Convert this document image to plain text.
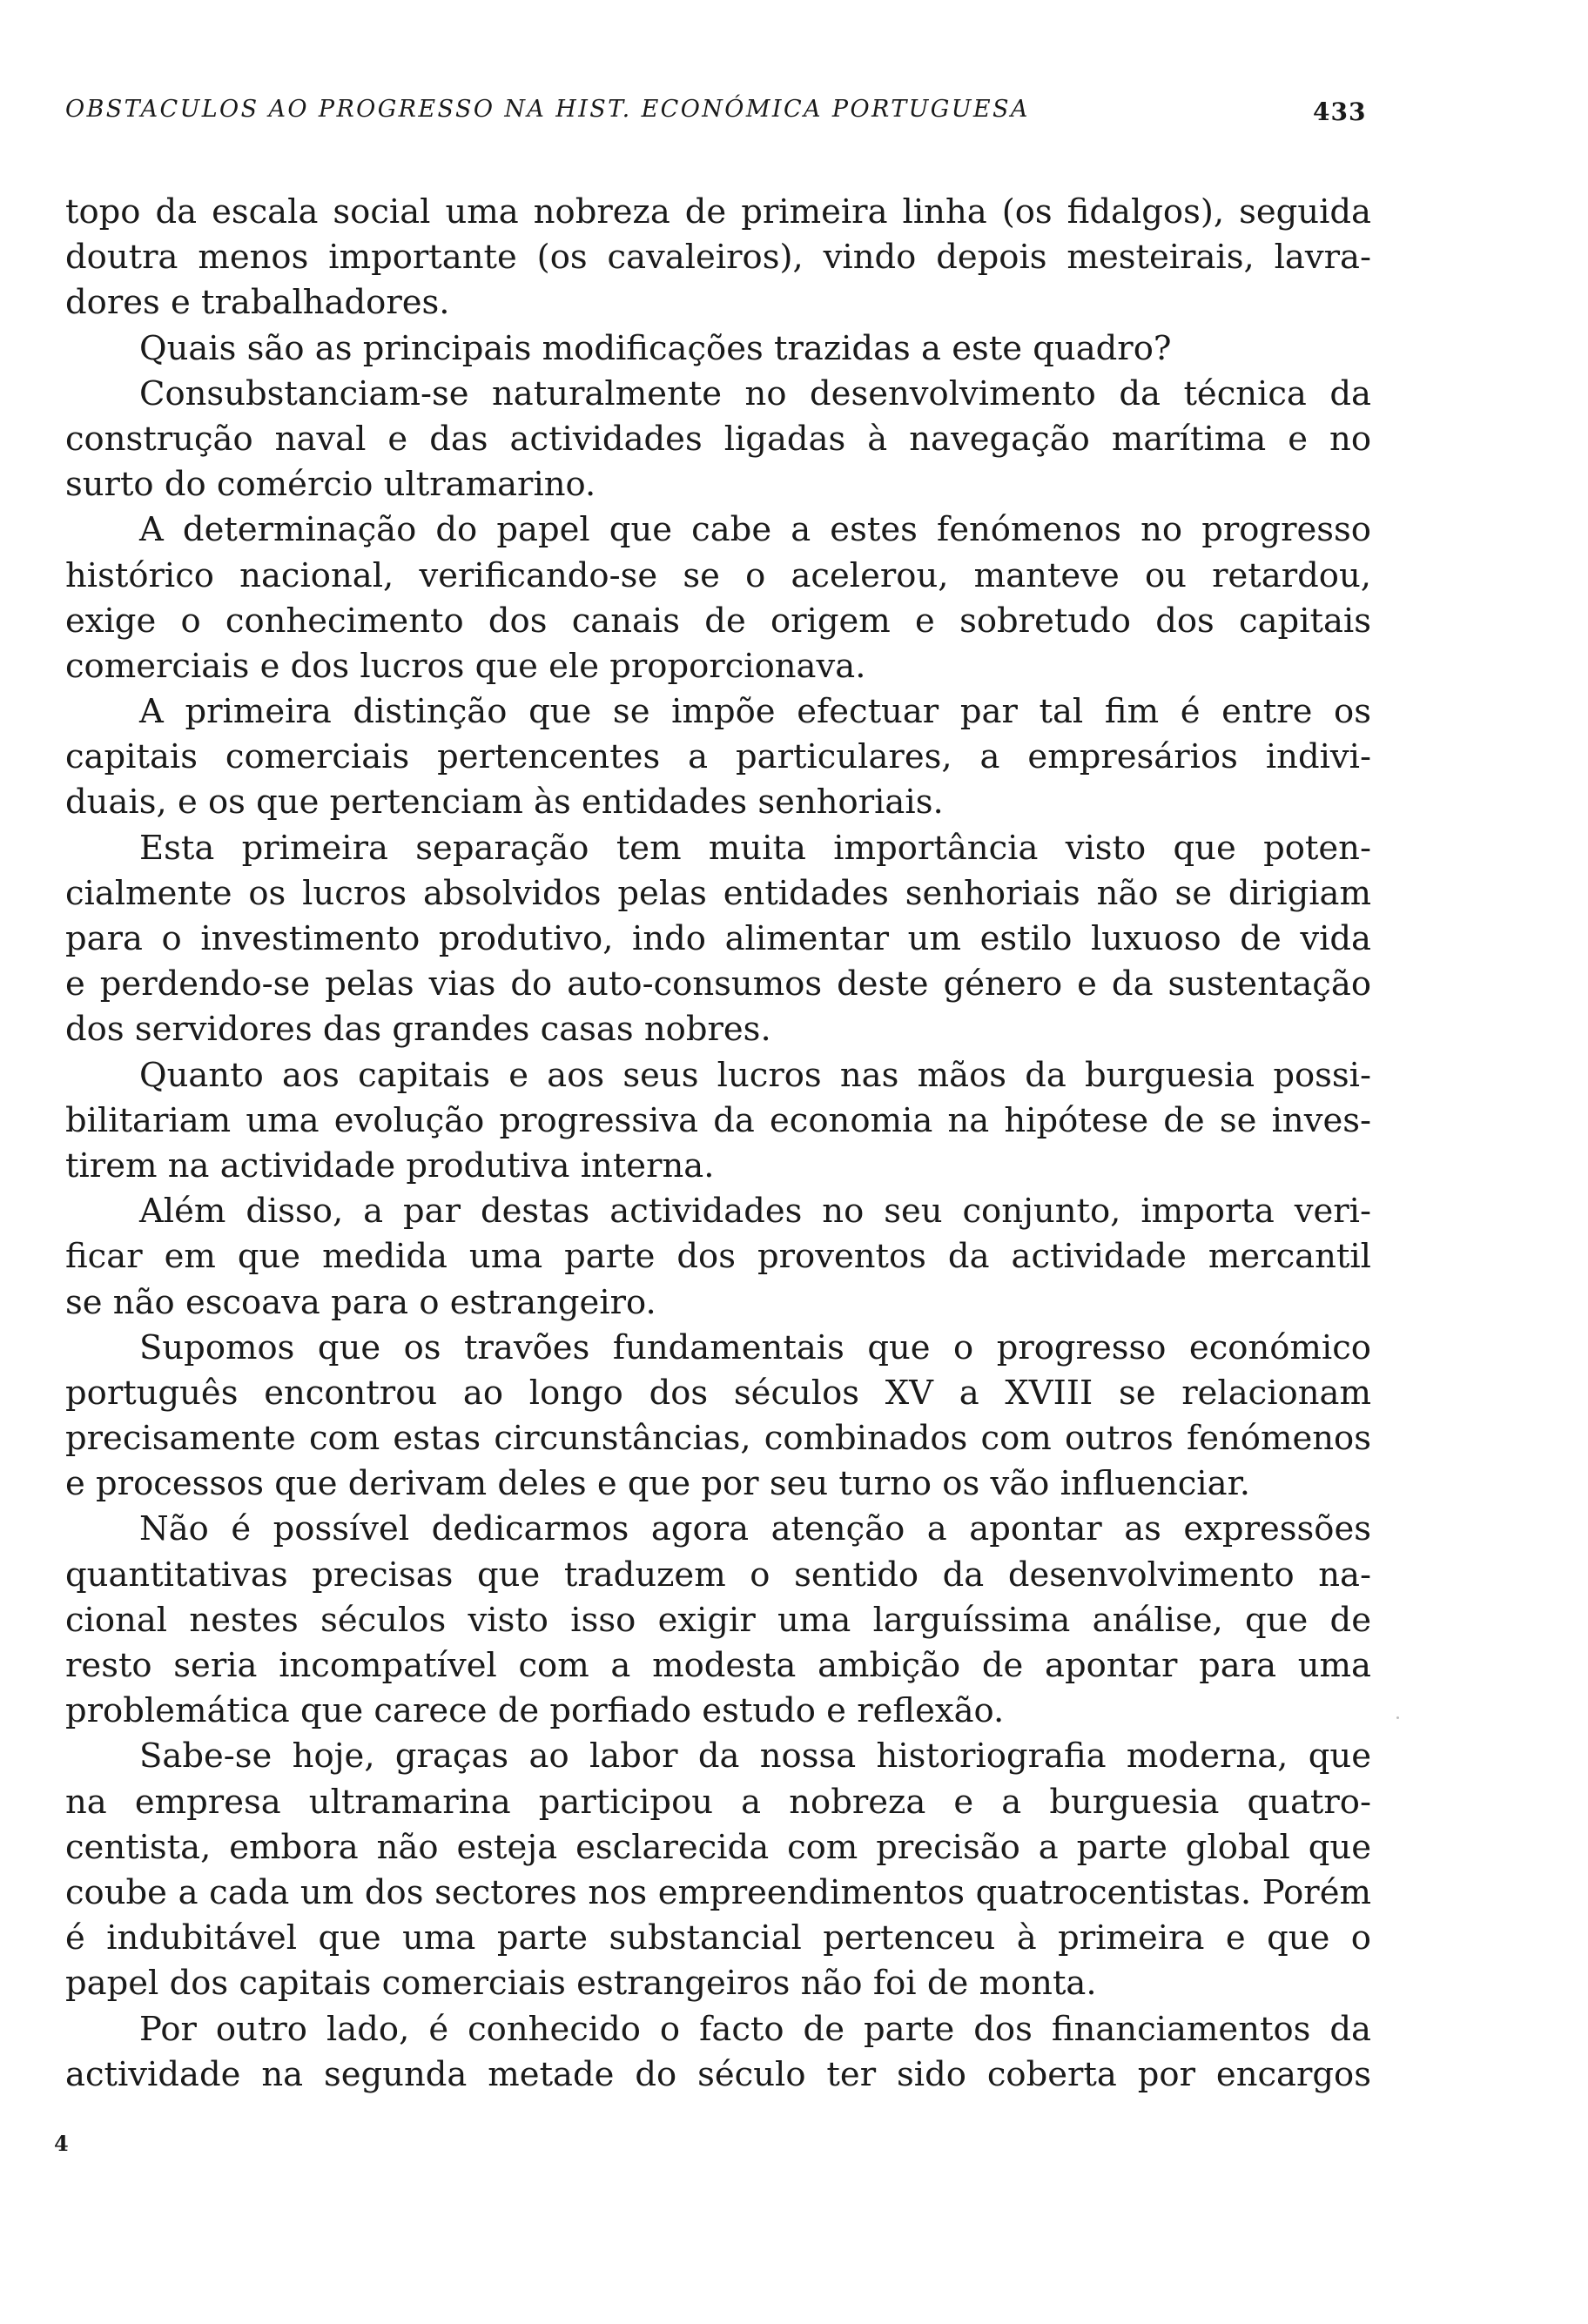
OBSTACULOS AO PROGRESSO NA HIST. ECONÓMICA PORTUGUESA	433
topo da escala social uma nobreza de primeira linha (os fidalgos), seguida
doutra menos importante (os cavaleiros), vindo depois mesteirais, lavra-
dores e trabalhadores.
Quais são as principais modificações trazidas a este quadro?
Consubstanciam-se naturalmente no desenvolvimento da técnica da
construção naval e das actividades ligadas à navegação marítima e no
surto do comércio ultramarino.
A determinação do papel que cabe a estes fenómenos no progresso
histórico nacional, verificando-se se o acelerou, manteve ou retardou,
exige o conhecimento dos canais de origem e sobretudo dos capitais
comerciais e dos lucros que ele proporcionava.
A primeira distinção que se impõe efectuar par tal fim é entre os
capitais comerciais pertencentes a particulares, a empresários indivi-
duais, e os que pertenciam às entidades senhoriais.
Esta primeira separação tem muita importância visto que poten-
cialmente os lucros absolvidos pelas entidades senhoriais não se dirigiam
para o investimento produtivo, indo alimentar um estilo luxuoso de vida
e perdendo-se pelas vias do auto-consumos deste género e da sustentação
dos servidores das grandes casas nobres.
Quanto aos capitais e aos seus lucros nas mãos da burguesia possi-
bilitariam uma evolução progressiva da economia na hipótese de se inves-
tirem na actividade produtiva interna.
Além disso, a par destas actividades no seu conjunto, importa veri-
ficar em que medida uma parte dos proventos da actividade mercantil
se não escoava para o estrangeiro.
Supomos que os travões fundamentais que o progresso económico
português encontrou ao longo dos séculos XV a XVIII se relacionam
precisamente com estas circunstâncias, combinados com outros fenómenos
e processos que derivam deles e que por seu turno os vão influenciar.
Não é possível dedicarmos agora atenção a apontar as expressões
quantitativas precisas que traduzem o sentido da desenvolvimento na-
cional nestes séculos visto isso exigir uma larguíssima análise, que de
resto seria incompatível com a modesta ambição de apontar para uma
problemática que carece de porfiado estudo e reflexão.
Sabe-se hoje, graças ao labor da nossa historiografia moderna, que
na empresa ultramarina participou a nobreza e a burguesia quatro-
centista, embora não esteja esclarecida com precisão a parte global que
coube a cada um dos sectores nos empreendimentos quatrocentistas. Porém
é indubitável que uma parte substancial pertenceu à primeira e que o
papel dos capitais comerciais estrangeiros não foi de monta.
Por outro lado, é conhecido o facto de parte dos financiamentos da
actividade na segunda metade do século ter sido coberta por encargos
4
